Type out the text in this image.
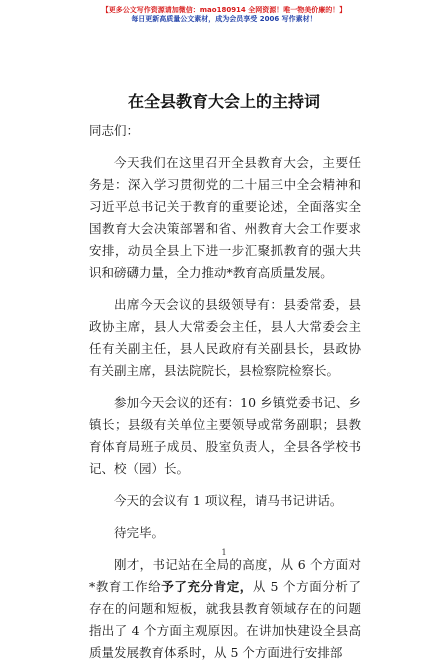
【更多公文写作资源请加微信：mao180914 全网资源！唯一物美价廉的！】
每日更新高质量公文素材，成为会员享受 2006 写作素材！
在全县教育大会上的主持词

同志们：

今天我们在这里召开全县教育大会，主要任务是：深入学习贯彻党的二十届三中全会精神和习近平总书记关于教育的重要论述，全面落实全国教育大会决策部署和省、州教育大会工作要求安排，动员全县上下进一步汇聚抓教育的强大共识和磅礴力量，全力推动*教育高质量发展。

出席今天会议的县级领导有：县委常委，县政协主席，县人大常委会主任，县人大常委会主任有关副主任，县人民政府有关副县长，县政协有关副主席，县法院院长，县检察院检察长。

参加今天会议的还有：10 乡镇党委书记、乡镇长；县级有关单位主要领导或常务副职；县教育体育局班子成员、股室负责人，全县各学校书记、校（园）长。

今天的会议有 1 项议程，请马书记讲话。

待完毕。

刚才，书记站在全局的高度，从 6 个方面对*教育工作给予了充分肯定，从 5 个方面分析了存在的问题和短板，就我县教育领域存在的问题指出了 4 个方面主观原因。在讲加快建设全县高质量发展教育体系时，从 5 个方面进行安排部

1
